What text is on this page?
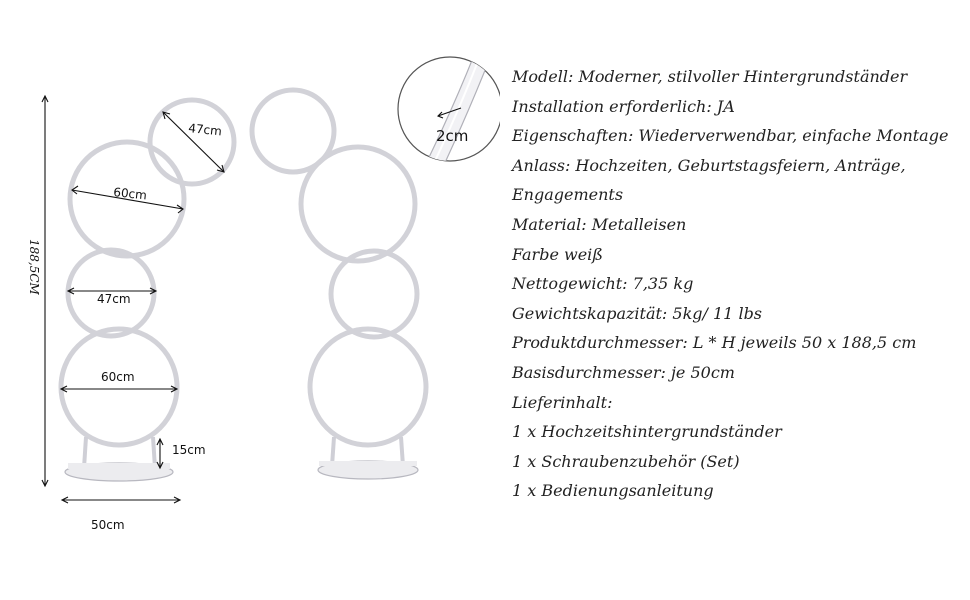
188,5CM
47cm
60cm
47cm
60cm
15cm
50cm
2cm
Modell: Moderner, stilvoller Hintergrundständer
Installation erforderlich: JA
Eigenschaften: Wiederverwendbar, einfache Montage
Anlass: Hochzeiten, Geburtstagsfeiern, Anträge,
Engagements
Material: Metalleisen
Farbe weiß
Nettogewicht: 7,35 kg
Gewichtskapazität: 5kg/ 11 lbs
Produktdurchmesser: L * H jeweils 50 x 188,5 cm
Basisdurchmesser: je 50cm
Lieferinhalt:
1 x Hochzeitshintergrundständer
1 x Schraubenzubehör (Set)
1 x Bedienungsanleitung
